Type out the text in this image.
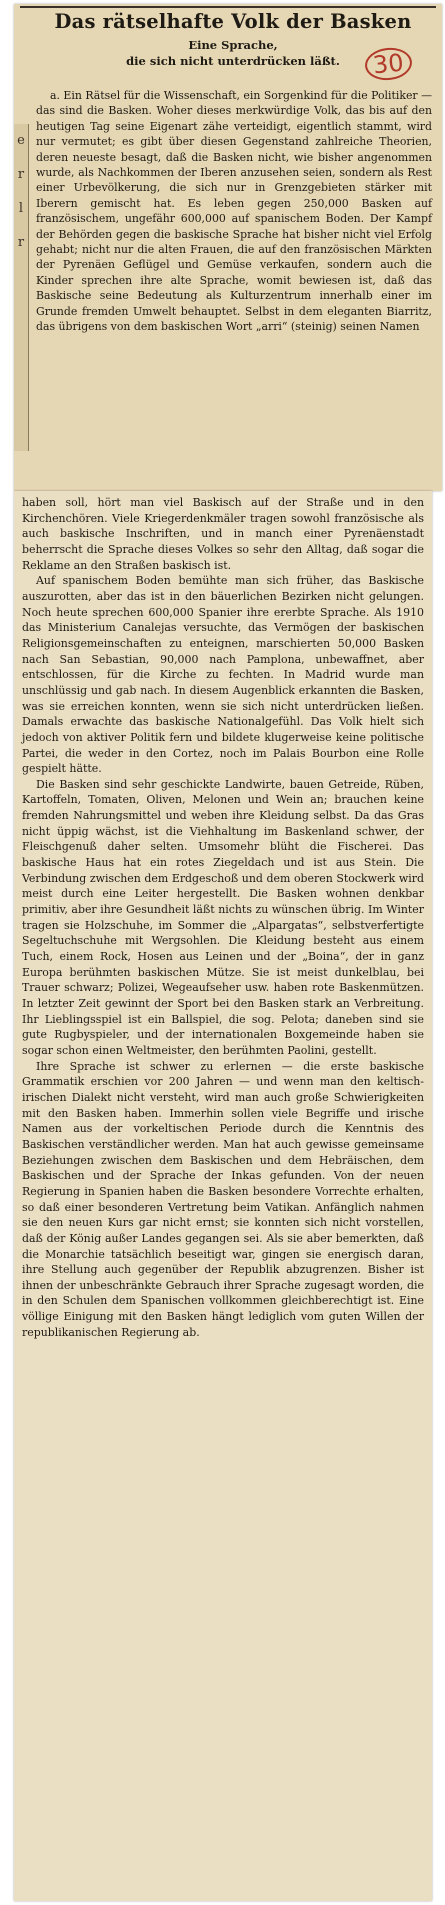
e
r
l
r
Das rätselhafte Volk der Basken
Eine Sprache,
die sich nicht unterdrücken läßt.	30

a. Ein Rätsel für die Wissenschaft, ein Sorgenkind für die Politiker — das sind die Basken. Woher dieses merkwürdige Volk, das bis auf den heutigen Tag seine Eigenart zähe verteidigt, eigentlich stammt, wird nur vermutet; es gibt über diesen Gegenstand zahlreiche Theorien, deren neueste besagt, daß die Basken nicht, wie bisher angenommen wurde, als Nachkommen der Iberen anzusehen seien, sondern als Rest einer Urbevölkerung, die sich nur in Grenzgebieten stärker mit Iberern gemischt hat. Es leben gegen 250,000 Basken auf französischem, ungefähr 600,000 auf spanischem Boden. Der Kampf der Behörden gegen die baskische Sprache hat bisher nicht viel Erfolg gehabt; nicht nur die alten Frauen, die auf den französischen Märkten der Pyrenäen Geflügel und Gemüse verkaufen, sondern auch die Kinder sprechen ihre alte Sprache, womit bewiesen ist, daß das Baskische seine Bedeutung als Kulturzentrum innerhalb einer im Grunde fremden Umwelt behauptet. Selbst in dem eleganten Biarritz, das übrigens von dem baskischen Wort „arri“ (steinig) seinen Namen

haben soll, hört man viel Baskisch auf der Straße und in den Kirchenchören. Viele Kriegerdenkmäler tragen sowohl französische als auch baskische Inschriften, und in manch einer Pyrenäenstadt beherrscht die Sprache dieses Volkes so sehr den Alltag, daß sogar die Reklame an den Straßen baskisch ist.

Auf spanischem Boden bemühte man sich früher, das Baskische auszurotten, aber das ist in den bäuerlichen Bezirken nicht gelungen. Noch heute sprechen 600,000 Spanier ihre ererbte Sprache. Als 1910 das Ministerium Canalejas versuchte, das Vermögen der baskischen Religionsgemeinschaften zu enteignen, marschierten 50,000 Basken nach San Sebastian, 90,000 nach Pamplona, unbewaffnet, aber entschlossen, für die Kirche zu fechten. In Madrid wurde man unschlüssig und gab nach. In diesem Augenblick erkannten die Basken, was sie erreichen konnten, wenn sie sich nicht unterdrücken ließen. Damals erwachte das baskische Nationalgefühl. Das Volk hielt sich jedoch von aktiver Politik fern und bildete klugerweise keine politische Partei, die weder in den Cortez, noch im Palais Bourbon eine Rolle gespielt hätte.

Die Basken sind sehr geschickte Landwirte, bauen Getreide, Rüben, Kartoffeln, Tomaten, Oliven, Melonen und Wein an; brauchen keine fremden Nahrungsmittel und weben ihre Kleidung selbst. Da das Gras nicht üppig wächst, ist die Viehhaltung im Baskenland schwer, der Fleischgenuß daher selten. Umsomehr blüht die Fischerei. Das baskische Haus hat ein rotes Ziegeldach und ist aus Stein. Die Verbindung zwischen dem Erdgeschoß und dem oberen Stockwerk wird meist durch eine Leiter hergestellt. Die Basken wohnen denkbar primitiv, aber ihre Gesundheit läßt nichts zu wünschen übrig. Im Winter tragen sie Holzschuhe, im Sommer die „Alpargatas“, selbstverfertigte Segeltuchschuhe mit Wergsohlen. Die Kleidung besteht aus einem Tuch, einem Rock, Hosen aus Leinen und der „Boina“, der in ganz Europa berühmten baskischen Mütze. Sie ist meist dunkelblau, bei Trauer schwarz; Polizei, Wegeaufseher usw. haben rote Baskenmützen. In letzter Zeit gewinnt der Sport bei den Basken stark an Verbreitung. Ihr Lieblingsspiel ist ein Ballspiel, die sog. Pelota; daneben sind sie gute Rugbyspieler, und der internationalen Boxgemeinde haben sie sogar schon einen Weltmeister, den berühmten Paolini, gestellt.

Ihre Sprache ist schwer zu erlernen — die erste baskische Grammatik erschien vor 200 Jahren — und wenn man den keltisch-irischen Dialekt nicht versteht, wird man auch große Schwierigkeiten mit den Basken haben. Immerhin sollen viele Begriffe und irische Namen aus der vorkeltischen Periode durch die Kenntnis des Baskischen verständlicher werden. Man hat auch gewisse gemeinsame Beziehungen zwischen dem Baskischen und dem Hebräischen, dem Baskischen und der Sprache der Inkas gefunden. Von der neuen Regierung in Spanien haben die Basken besondere Vorrechte erhalten, so daß einer besonderen Vertretung beim Vatikan. Anfänglich nahmen sie den neuen Kurs gar nicht ernst; sie konnten sich nicht vorstellen, daß der König außer Landes gegangen sei. Als sie aber bemerkten, daß die Monarchie tatsächlich beseitigt war, gingen sie energisch daran, ihre Stellung auch gegenüber der Republik abzugrenzen. Bisher ist ihnen der unbeschränkte Gebrauch ihrer Sprache zugesagt worden, die in den Schulen dem Spanischen vollkommen gleichberechtigt ist. Eine völlige Einigung mit den Basken hängt lediglich vom guten Willen der republikanischen Regierung ab.
